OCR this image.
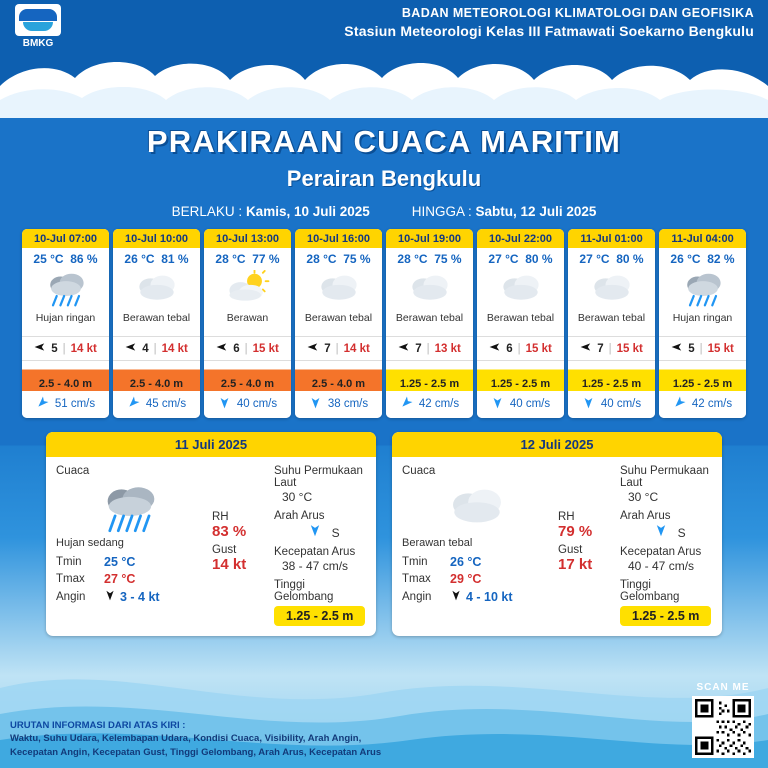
BMKG
BADAN METEOROLOGI KLIMATOLOGI DAN GEOFISIKA
Stasiun Meteorologi Kelas III Fatmawati Soekarno Bengkulu
PRAKIRAAN CUACA MARITIM
Perairan Bengkulu
BERLAKU : Kamis, 10 Juli 2025	HINGGA : Sabtu, 12 Juli 2025
10-Jul 07:00
25 °C 86 %
Hujan ringan
5 | 14 kt
2.5 - 4.0 m
51 cm/s
10-Jul 10:00
26 °C 81 %
Berawan tebal
4 | 14 kt
2.5 - 4.0 m
45 cm/s
10-Jul 13:00
28 °C 77 %
Berawan
6 | 15 kt
2.5 - 4.0 m
40 cm/s
10-Jul 16:00
28 °C 75 %
Berawan tebal
7 | 14 kt
2.5 - 4.0 m
38 cm/s
10-Jul 19:00
28 °C 75 %
Berawan tebal
7 | 13 kt
1.25 - 2.5 m
42 cm/s
10-Jul 22:00
27 °C 80 %
Berawan tebal
6 | 15 kt
1.25 - 2.5 m
40 cm/s
11-Jul 01:00
27 °C 80 %
Berawan tebal
7 | 15 kt
1.25 - 2.5 m
40 cm/s
11-Jul 04:00
26 °C 82 %
Hujan ringan
5 | 15 kt
1.25 - 2.5 m
42 cm/s
11 Juli 2025
Cuaca
Hujan sedang
Tmin	25 °C
Tmax	27 °C
Angin	3 - 4 kt
RH
83 %
Gust
14 kt
Suhu Permukaan Laut
30 °C
Arah Arus
S
Kecepatan Arus
38 - 47 cm/s
Tinggi Gelombang
1.25 - 2.5 m
12 Juli 2025
Cuaca
Berawan tebal
Tmin	26 °C
Tmax	29 °C
Angin	4 - 10 kt
RH
79 %
Gust
17 kt
Suhu Permukaan Laut
30 °C
Arah Arus
S
Kecepatan Arus
40 - 47 cm/s
Tinggi Gelombang
1.25 - 2.5 m
URUTAN INFORMASI DARI ATAS KIRI :
Waktu, Suhu Udara, Kelembapan Udara, Kondisi Cuaca, Visibility, Arah Angin,
Kecepatan Angin, Kecepatan Gust, Tinggi Gelombang, Arah Arus, Kecepatan Arus
SCAN ME
